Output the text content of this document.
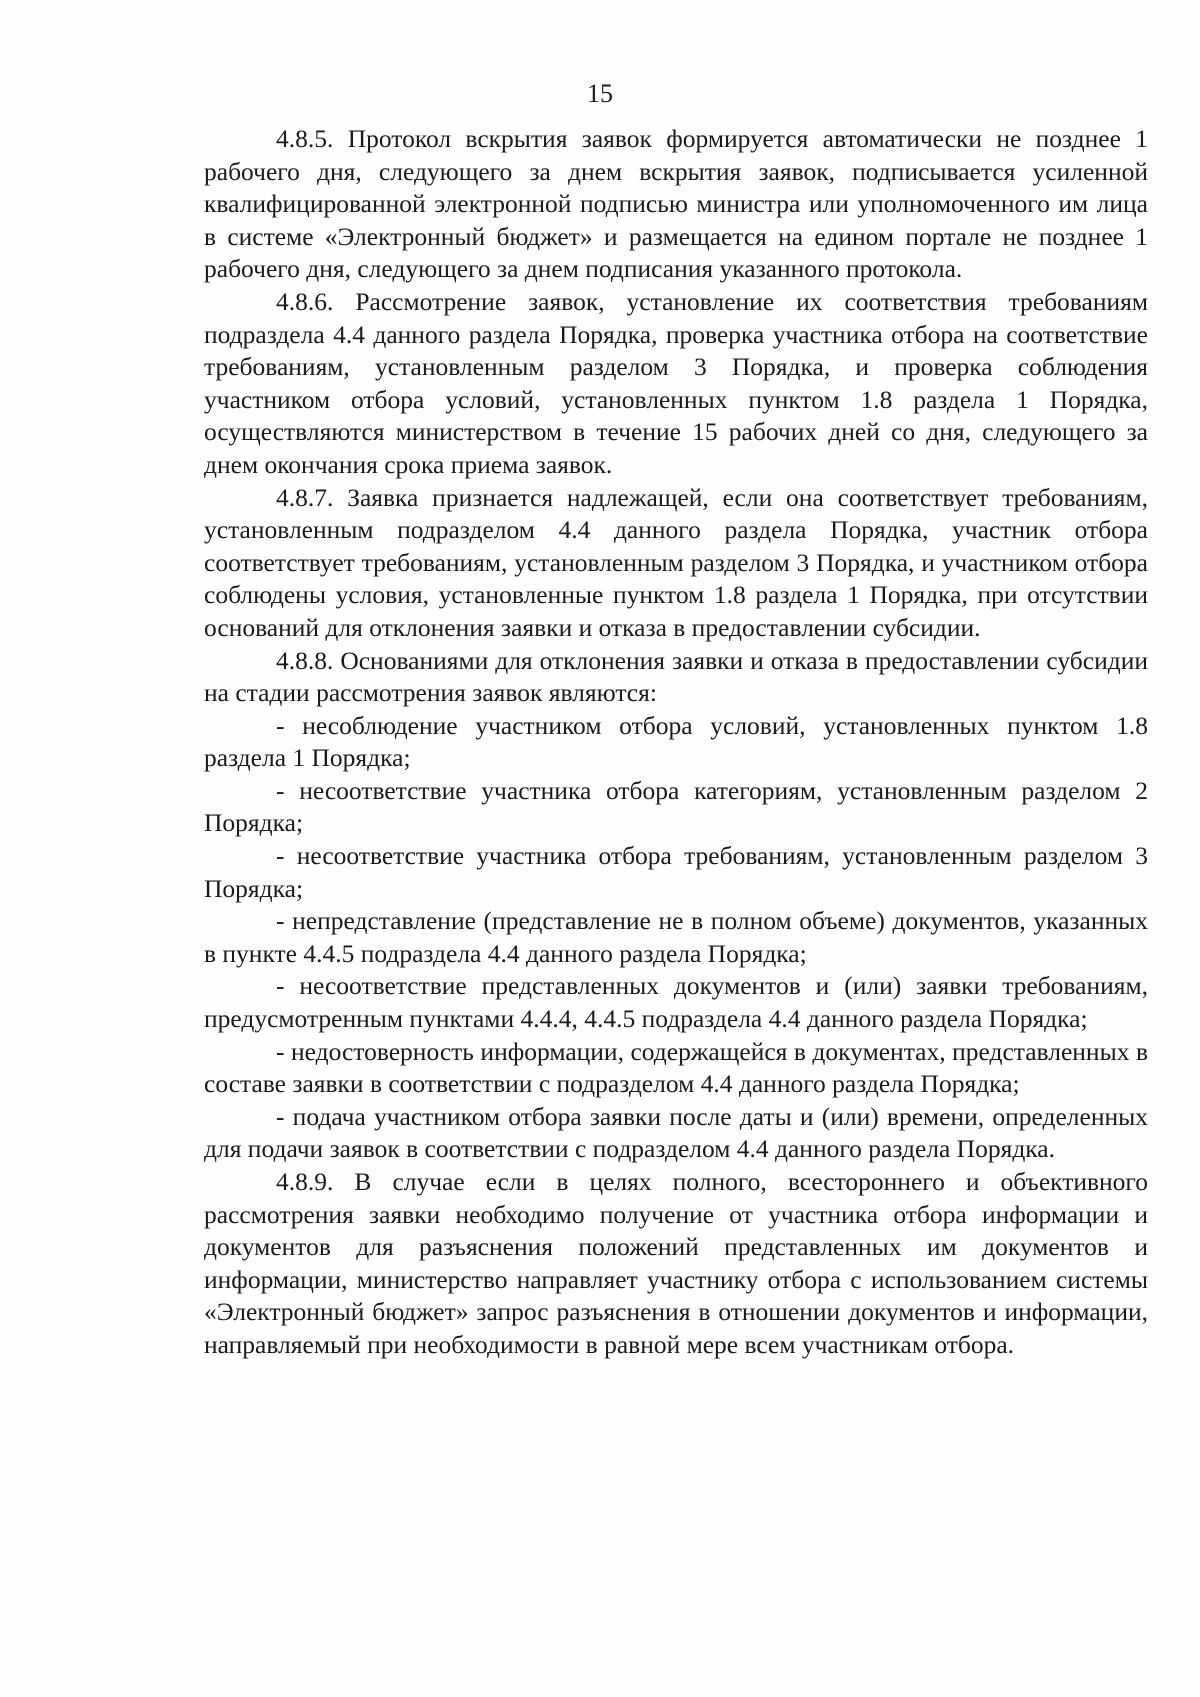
15

4.8.5. Протокол вскрытия заявок формируется автоматически не позднее 1 рабочего дня, следующего за днем вскрытия заявок, подписывается усиленной квалифицированной электронной подписью министра или уполномоченного им лица в системе «Электронный бюджет» и размещается на едином портале не позднее 1 рабочего дня, следующего за днем подписания указанного протокола.

4.8.6. Рассмотрение заявок, установление их соответствия требованиям подраздела 4.4 данного раздела Порядка, проверка участника отбора на соответствие требованиям, установленным разделом 3 Порядка, и проверка соблюдения участником отбора условий, установленных пунктом 1.8 раздела 1 Порядка, осуществляются министерством в течение 15 рабочих дней со дня, следующего за днем окончания срока приема заявок.

4.8.7. Заявка признается надлежащей, если она соответствует требованиям, установленным подразделом 4.4 данного раздела Порядка, участник отбора соответствует требованиям, установленным разделом 3 Порядка, и участником отбора соблюдены условия, установленные пунктом 1.8 раздела 1 Порядка, при отсутствии оснований для отклонения заявки и отказа в предоставлении субсидии.

4.8.8. Основаниями для отклонения заявки и отказа в предоставлении субсидии на стадии рассмотрения заявок являются:

- несоблюдение участником отбора условий, установленных пунктом 1.8 раздела 1 Порядка;

- несоответствие участника отбора категориям, установленным разделом 2 Порядка;

- несоответствие участника отбора требованиям, установленным разделом 3 Порядка;

- непредставление (представление не в полном объеме) документов, указанных в пункте 4.4.5 подраздела 4.4 данного раздела Порядка;

- несоответствие представленных документов и (или) заявки требованиям, предусмотренным пунктами 4.4.4, 4.4.5 подраздела 4.4 данного раздела Порядка;

- недостоверность информации, содержащейся в документах, представленных в составе заявки в соответствии с подразделом 4.4 данного раздела Порядка;

- подача участником отбора заявки после даты и (или) времени, определенных для подачи заявок в соответствии с подразделом 4.4 данного раздела Порядка.

4.8.9. В случае если в целях полного, всестороннего и объективного рассмотрения заявки необходимо получение от участника отбора информации и документов для разъяснения положений представленных им документов и информации, министерство направляет участнику отбора с использованием системы «Электронный бюджет» запрос разъяснения в отношении документов и информации, направляемый при необходимости в равной мере всем участникам отбора.
